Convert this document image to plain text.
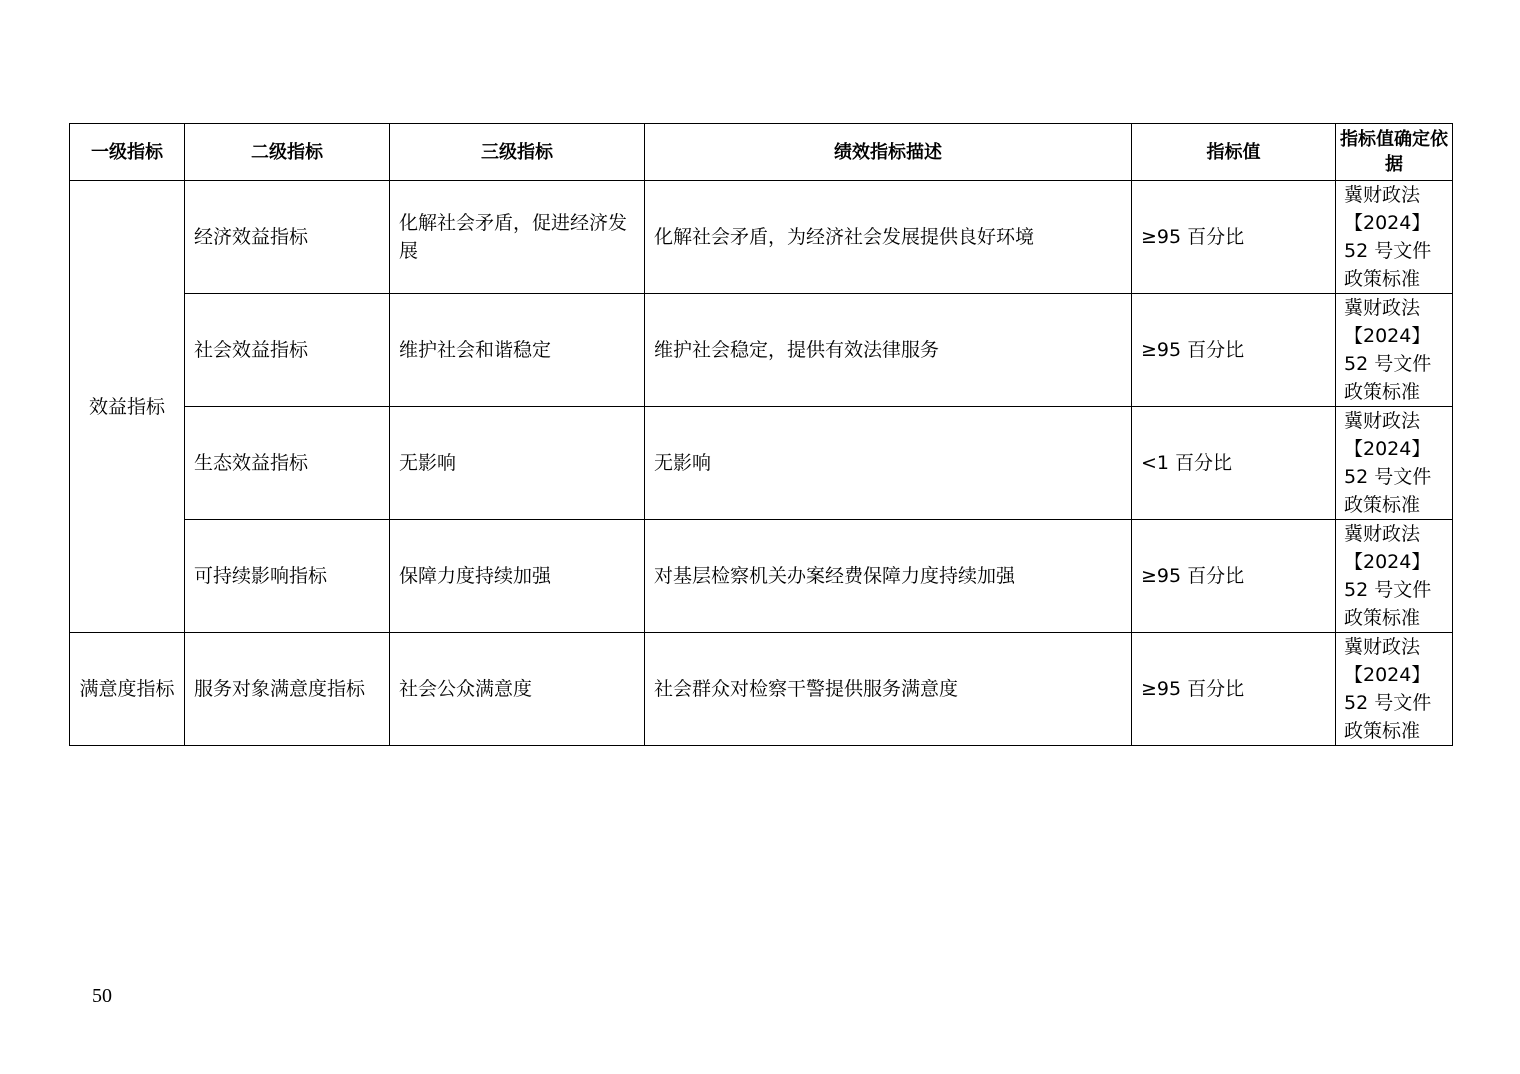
一级指标	二级指标	三级指标	绩效指标描述	指标值	指标值确定依据
效益指标	经济效益指标	化解社会矛盾，促进经济发展	化解社会矛盾，为经济社会发展提供良好环境	≥95 百分比	冀财政法
【2024】
52 号文件
政策标准

	社会效益指标	维护社会和谐稳定	维护社会稳定，提供有效法律服务	≥95 百分比	冀财政法
【2024】
52 号文件
政策标准

	生态效益指标	无影响	无影响	<1 百分比	冀财政法
【2024】
52 号文件
政策标准

	可持续影响指标	保障力度持续加强	对基层检察机关办案经费保障力度持续加强	≥95 百分比	冀财政法
【2024】
52 号文件
政策标准

满意度指标	服务对象满意度指标	社会公众满意度	社会群众对检察干警提供服务满意度	≥95 百分比	冀财政法
【2024】
52 号文件
政策标准
50
